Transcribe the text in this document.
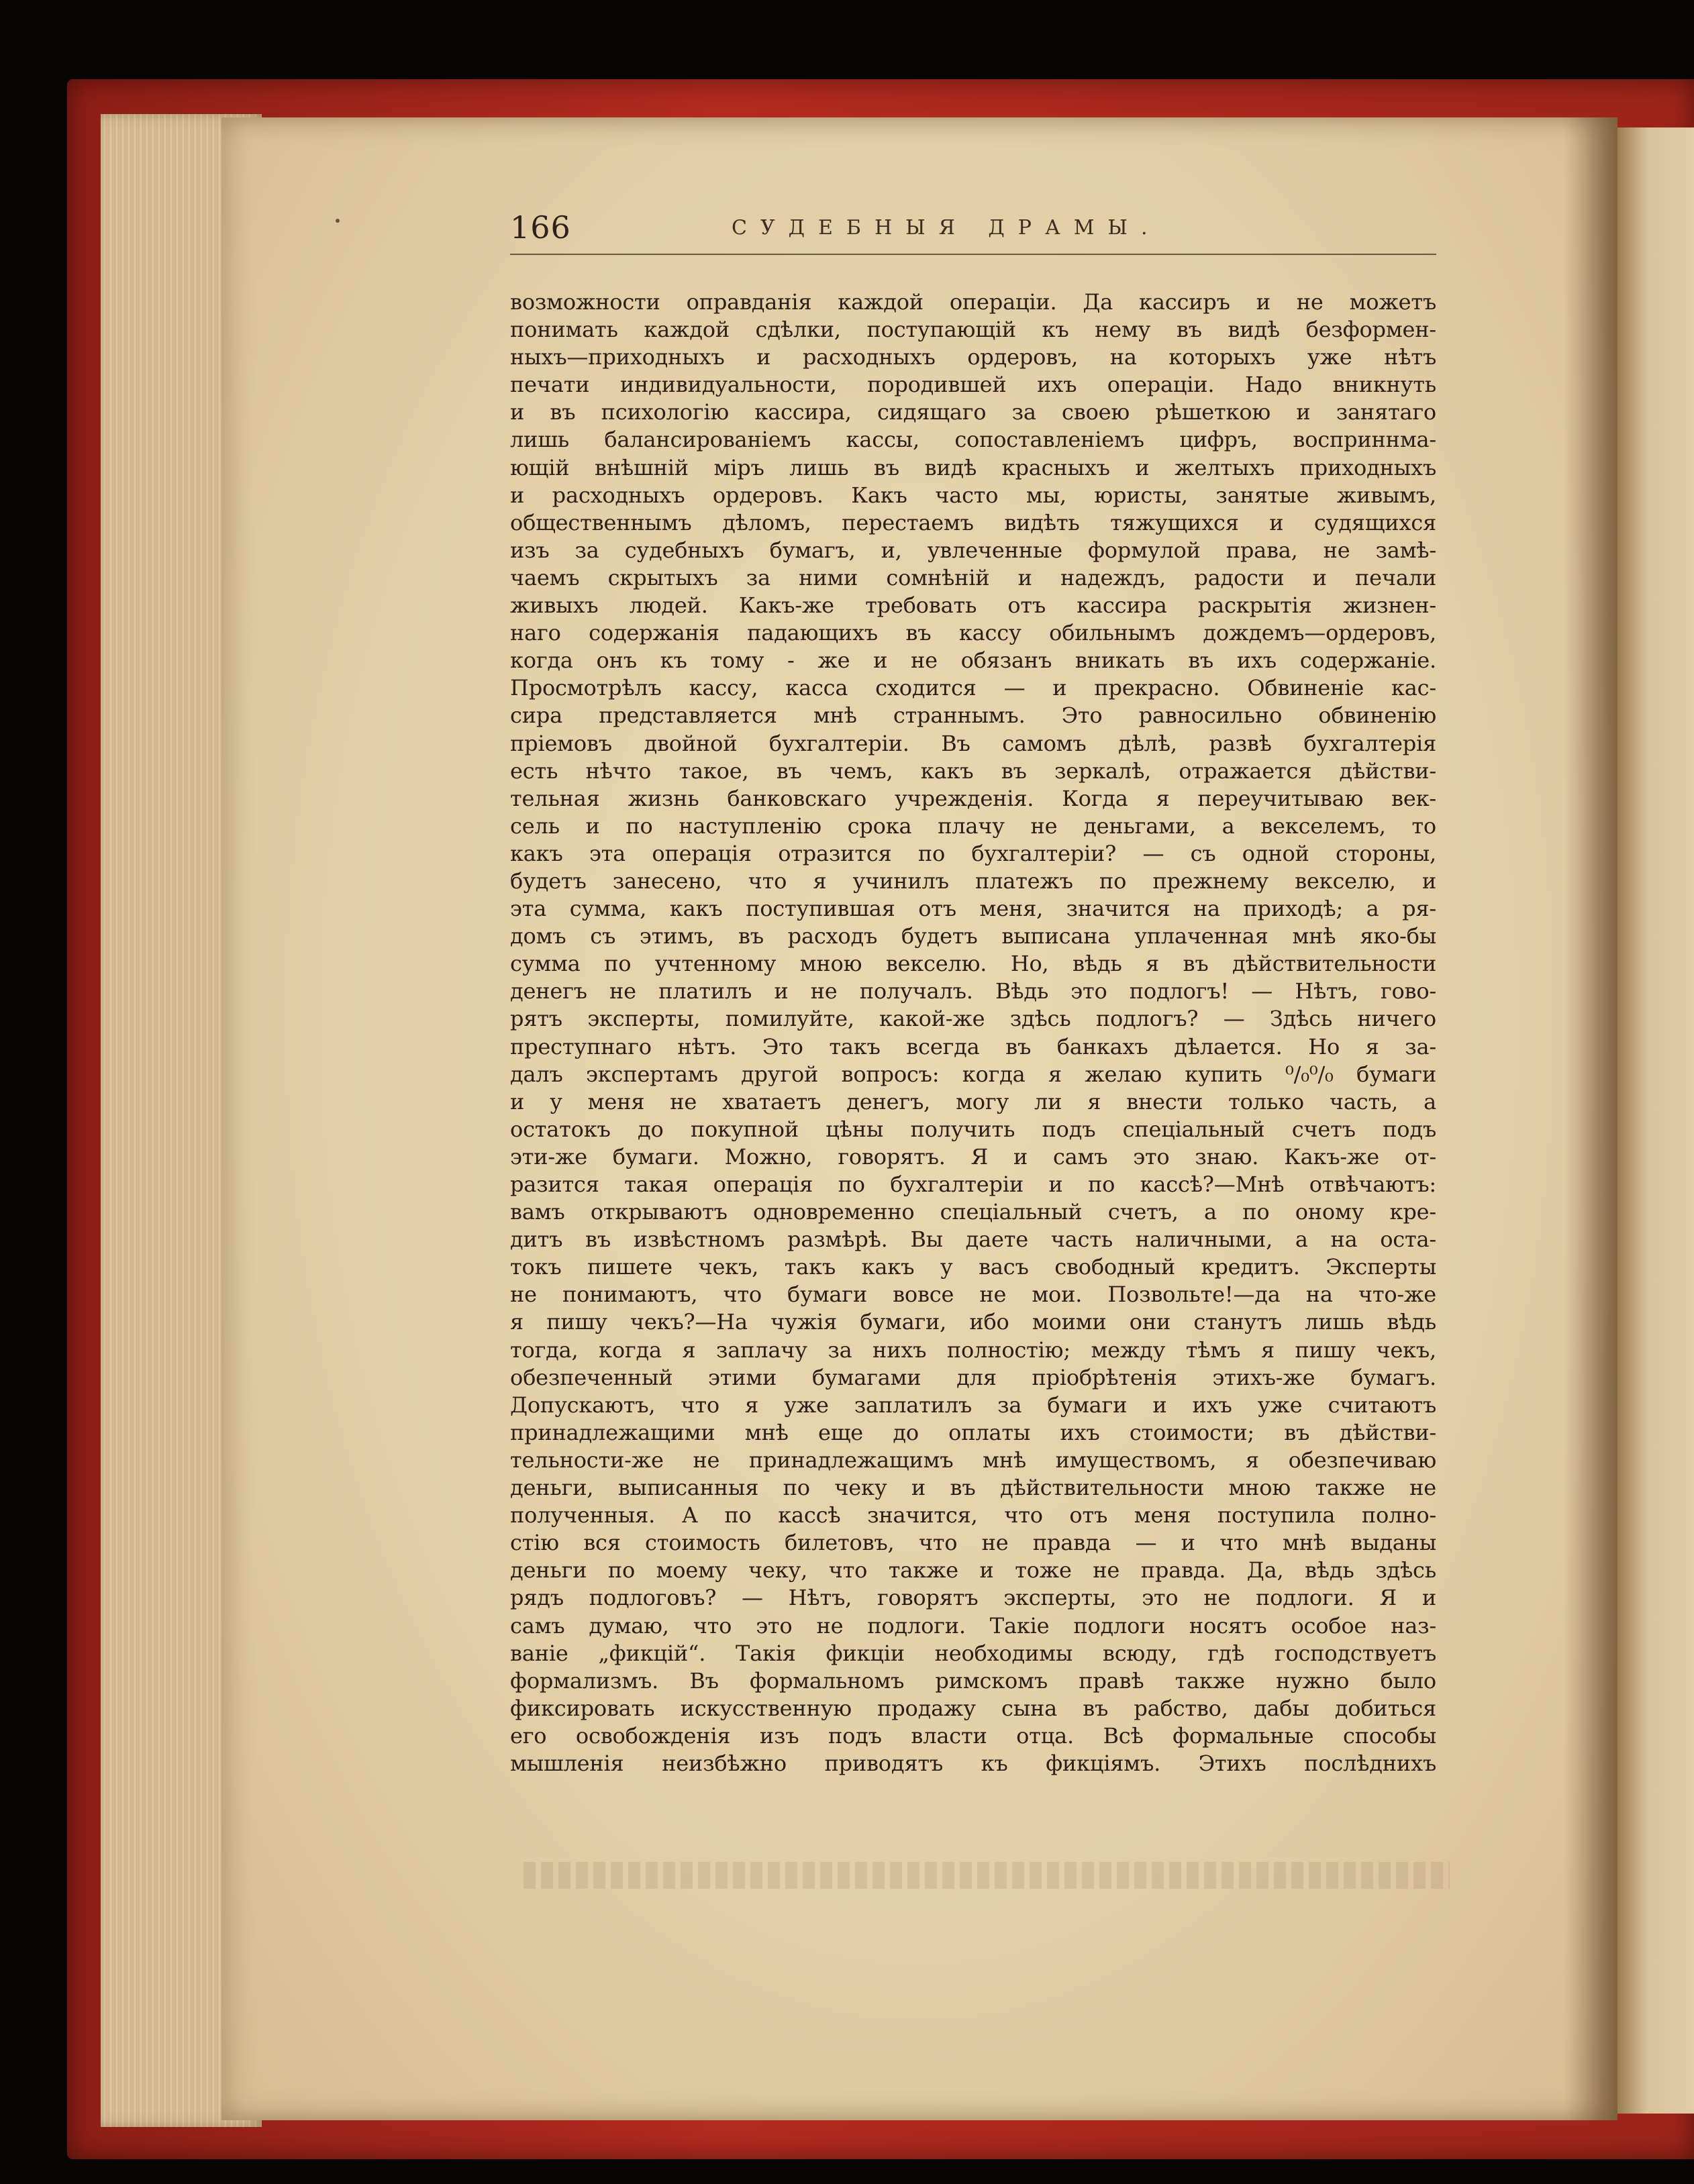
166	СУДЕБНЫЯ ДРАМЫ.
возможности оправданія каждой операціи. Да кассиръ и не можетъ
понимать каждой сдѣлки, поступающій къ нему въ видѣ безформен-
ныхъ—приходныхъ и расходныхъ ордеровъ, на которыхъ уже нѣтъ
печати индивидуальности, породившей ихъ операціи. Надо вникнуть
и въ психологію кассира, сидящаго за своею рѣшеткою и занятаго
лишь балансированіемъ кассы, сопоставленіемъ цифръ, восприннма-
ющій внѣшній міръ лишь въ видѣ красныхъ и желтыхъ приходныхъ
и расходныхъ ордеровъ. Какъ часто мы, юристы, занятые живымъ,
общественнымъ дѣломъ, перестаемъ видѣть тяжущихся и судящихся
изъ за судебныхъ бумагъ, и, увлеченные формулой права, не замѣ-
чаемъ скрытыхъ за ними сомнѣній и надеждъ, радости и печали
живыхъ людей. Какъ-же требовать отъ кассира раскрытія жизнен-
наго содержанія падающихъ въ кассу обильнымъ дождемъ—ордеровъ,
когда онъ къ тому - же и не обязанъ вникать въ ихъ содержаніе.
Просмотрѣлъ кассу, касса сходится — и прекрасно. Обвиненіе кас-
сира представляется мнѣ страннымъ. Это равносильно обвиненію
пріемовъ двойной бухгалтеріи. Въ самомъ дѣлѣ, развѣ бухгалтерія
есть нѣчто такое, въ чемъ, какъ въ зеркалѣ, отражается дѣйстви-
тельная жизнь банковскаго учрежденія. Когда я переучитываю век-
сель и по наступленію срока плачу не деньгами, а векселемъ, то
какъ эта операція отразится по бухгалтеріи? — съ одной стороны,
будетъ занесено, что я учинилъ платежъ по прежнему векселю, и
эта сумма, какъ поступившая отъ меня, значится на приходѣ; а ря-
домъ съ этимъ, въ расходъ будетъ выписана уплаченная мнѣ яко-бы
сумма по учтенному мною векселю. Но, вѣдь я въ дѣйствительности
денегъ не платилъ и не получалъ. Вѣдь это подлогъ! — Нѣтъ, гово-
рятъ эксперты, помилуйте, какой-же здѣсь подлогъ? — Здѣсь ничего
преступнаго нѣтъ. Это такъ всегда въ банкахъ дѣлается. Но я за-
далъ экспертамъ другой вопросъ: когда я желаю купить ⁰/₀⁰/₀ бумаги
и у меня не хватаетъ денегъ, могу ли я внести только часть, а
остатокъ до покупной цѣны получить подъ спеціальный счетъ подъ
эти-же бумаги. Можно, говорятъ. Я и самъ это знаю. Какъ-же от-
разится такая операція по бухгалтеріи и по кассѣ?—Мнѣ отвѣчаютъ:
вамъ открываютъ одновременно спеціальный счетъ, а по оному кре-
дитъ въ извѣстномъ размѣрѣ. Вы даете часть наличными, а на оста-
токъ пишете чекъ, такъ какъ у васъ свободный кредитъ. Эксперты
не понимаютъ, что бумаги вовсе не мои. Позвольте!—да на что-же
я пишу чекъ?—На чужія бумаги, ибо моими они станутъ лишь вѣдь
тогда, когда я заплачу за нихъ полностію; между тѣмъ я пишу чекъ,
обезпеченный этими бумагами для пріобрѣтенія этихъ-же бумагъ.
Допускаютъ, что я уже заплатилъ за бумаги и ихъ уже считаютъ
принадлежащими мнѣ еще до оплаты ихъ стоимости; въ дѣйстви-
тельности-же не принадлежащимъ мнѣ имуществомъ, я обезпечиваю
деньги, выписанныя по чеку и въ дѣйствительности мною также не
полученныя. А по кассѣ значится, что отъ меня поступила полно-
стію вся стоимость билетовъ, что не правда — и что мнѣ выданы
деньги по моему чеку, что также и тоже не правда. Да, вѣдь здѣсь
рядъ подлоговъ? — Нѣтъ, говорятъ эксперты, это не подлоги. Я и
самъ думаю, что это не подлоги. Такіе подлоги носятъ особое наз-
ваніе „фикцій“. Такія фикціи необходимы всюду, гдѣ господствуетъ
формализмъ. Въ формальномъ римскомъ правѣ также нужно было
фиксировать искусственную продажу сына въ рабство, дабы добиться
его освобожденія изъ подъ власти отца. Всѣ формальные способы
мышленія неизбѣжно приводятъ къ фикціямъ. Этихъ послѣднихъ
